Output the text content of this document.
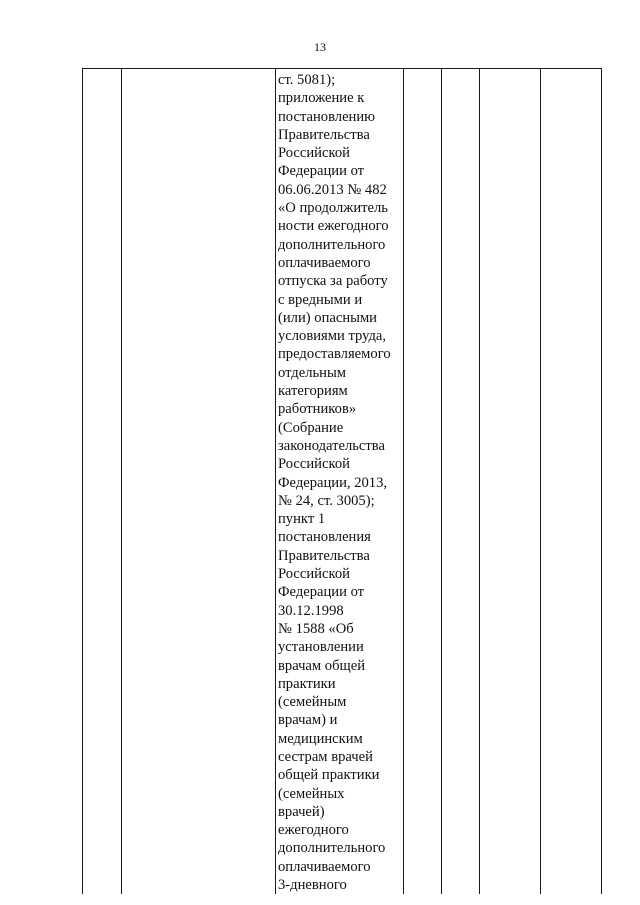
13

ст. 5081);
приложение к
постановлению
Правительства
Российской
Федерации от
06.06.2013 № 482
«О продолжитель
ности ежегодного
дополнительного
оплачиваемого
отпуска за работу
с вредными и
(или) опасными
условиями труда,
предоставляемого
отдельным
категориям
работников»
(Собрание
законодательства
Российской
Федерации, 2013,
№ 24, ст. 3005);
пункт 1
постановления
Правительства
Российской
Федерации от
30.12.1998
№ 1588 «Об
установлении
врачам общей
практики
(семейным
врачам) и
медицинским
сестрам врачей
общей практики
(семейных
врачей)
ежегодного
дополнительного
оплачиваемого
3-дневного
